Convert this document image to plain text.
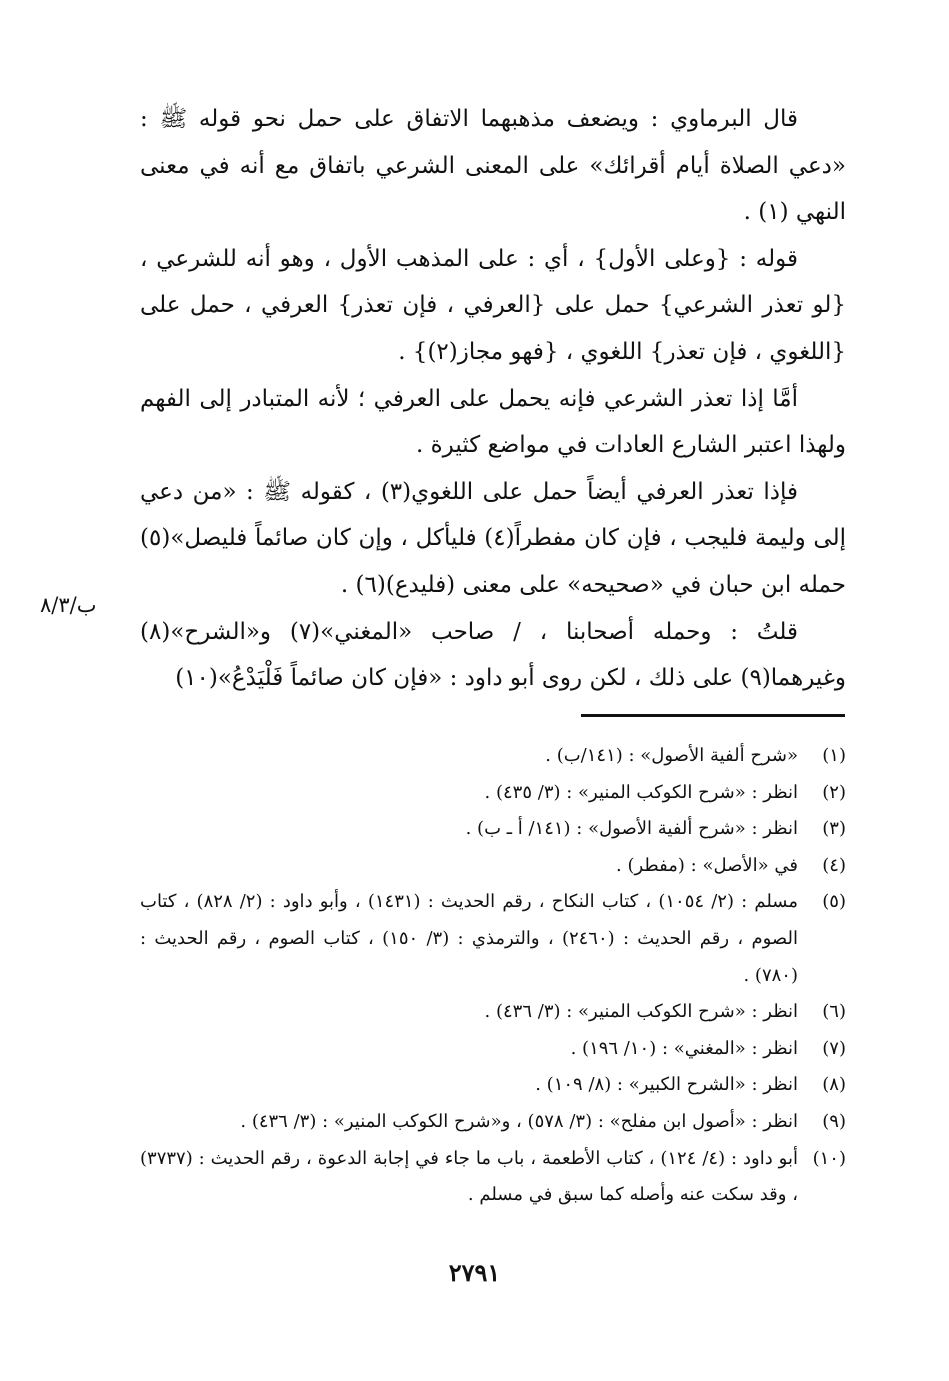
قال البرماوي : ويضعف مذهبهما الاتفاق على حمل نحو قوله ﷺ : «دعي الصلاة أيام أقرائك» على المعنى الشرعي باتفاق مع أنه في معنى النهي (١) .

قوله : {وعلى الأول} ، أي : على المذهب الأول ، وهو أنه للشرعي ، {لو تعذر الشرعي} حمل على {العرفي ، فإن تعذر} العرفي ، حمل على {اللغوي ، فإن تعذر} اللغوي ، {فهو مجاز(٢)} .

أمَّا إذا تعذر الشرعي فإنه يحمل على العرفي ؛ لأنه المتبادر إلى الفهم ولهذا اعتبر الشارع العادات في مواضع كثيرة .

فإذا تعذر العرفي أيضاً حمل على اللغوي(٣) ، كقوله ﷺ : «من دعي إلى وليمة فليجب ، فإن كان مفطراً(٤) فليأكل ، وإن كان صائماً فليصل»(٥) حمله ابن حبان في «صحيحه» على معنى (فليدع)(٦) .

قلتُ : وحمله أصحابنا ، / صاحب «المغني»(٧) و«الشرح»(٨) وغيرهما(٩) على ذلك ، لكن روى أبو داود : «فإن كان صائماً فَلْيَدْعُ»(١٠)

ب/٨/٣
(١)
«شرح ألفية الأصول» : (١٤١/ب) .
(٢)
انظر : «شرح الكوكب المنير» : (٣/ ٤٣٥) .
(٣)
انظر : «شرح ألفية الأصول» : (١٤١/ أ ـ ب) .
(٤)
في «الأصل» : (مفطر) .
(٥)
مسلم : (٢/ ١٠٥٤) ، كتاب النكاح ، رقم الحديث : (١٤٣١) ، وأبو داود : (٢/ ٨٢٨) ، كتاب الصوم ، رقم الحديث : (٢٤٦٠) ، والترمذي : (٣/ ١٥٠) ، كتاب الصوم ، رقم الحديث : (٧٨٠) .
(٦)
انظر : «شرح الكوكب المنير» : (٣/ ٤٣٦) .
(٧)
انظر : «المغني» : (١٠/ ١٩٦) .
(٨)
انظر : «الشرح الكبير» : (٨/ ١٠٩) .
(٩)
انظر : «أصول ابن مفلح» : (٣/ ٥٧٨) ، و«شرح الكوكب المنير» : (٣/ ٤٣٦) .
(١٠)
أبو داود : (٤/ ١٢٤) ، كتاب الأطعمة ، باب ما جاء في إجابة الدعوة ، رقم الحديث : (٣٧٣٧) ، وقد سكت عنه وأصله كما سبق في مسلم .
٢٧٩١
